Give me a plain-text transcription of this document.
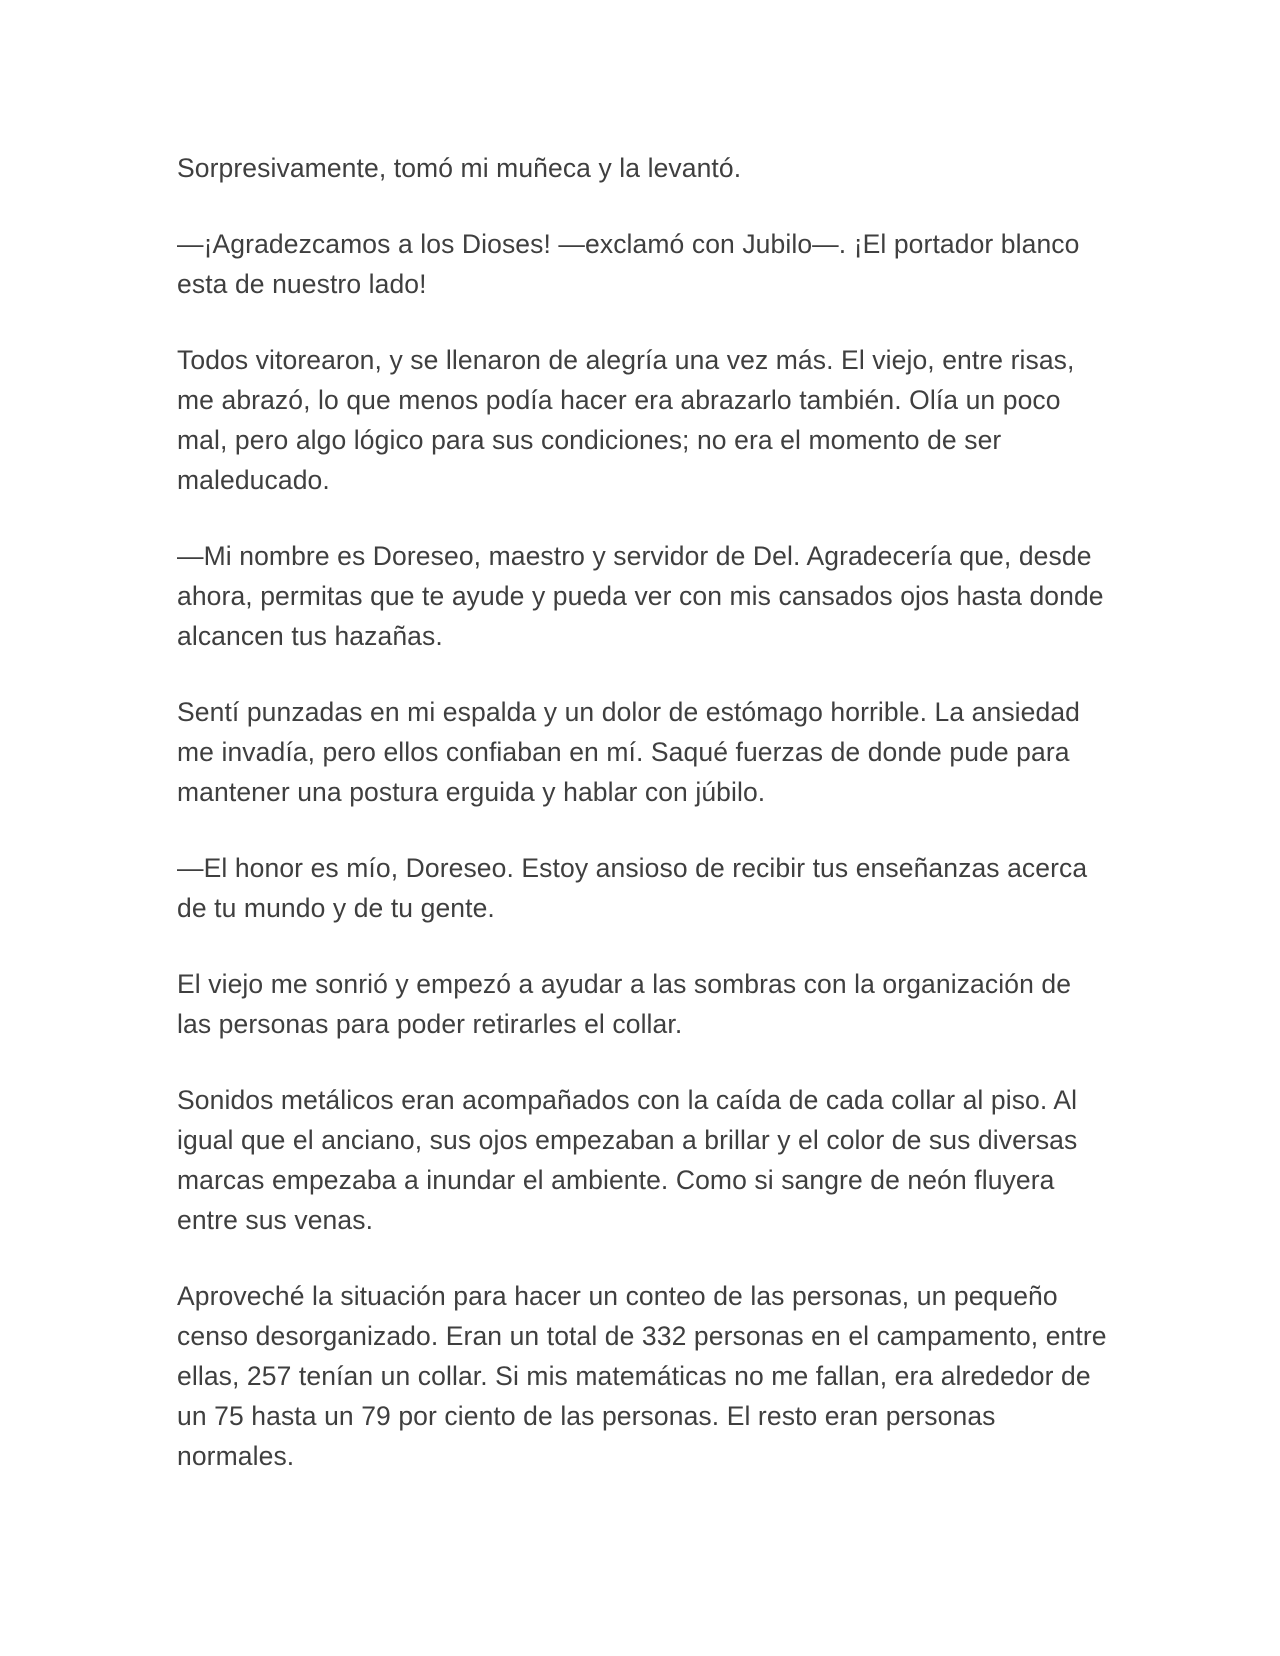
Sorpresivamente, tomó mi muñeca y la levantó.

—¡Agradezcamos a los Dioses! —exclamó con Jubilo—. ¡El portador blanco esta de nuestro lado!

Todos vitorearon, y se llenaron de alegría una vez más. El viejo, entre risas, me abrazó, lo que menos podía hacer era abrazarlo también. Olía un poco mal, pero algo lógico para sus condiciones; no era el momento de ser maleducado.

—Mi nombre es Doreseo, maestro y servidor de Del. Agradecería que, desde ahora, permitas que te ayude y pueda ver con mis cansados ojos hasta donde alcancen tus hazañas.

Sentí punzadas en mi espalda y un dolor de estómago horrible. La ansiedad me invadía, pero ellos confiaban en mí. Saqué fuerzas de donde pude para mantener una postura erguida y hablar con júbilo.

—El honor es mío, Doreseo. Estoy ansioso de recibir tus enseñanzas acerca de tu mundo y de tu gente.

El viejo me sonrió y empezó a ayudar a las sombras con la organización de las personas para poder retirarles el collar.

Sonidos metálicos eran acompañados con la caída de cada collar al piso. Al igual que el anciano, sus ojos empezaban a brillar y el color de sus diversas marcas empezaba a inundar el ambiente. Como si sangre de neón fluyera entre sus venas.

Aproveché la situación para hacer un conteo de las personas, un pequeño censo desorganizado. Eran un total de 332 personas en el campamento, entre ellas, 257 tenían un collar. Si mis matemáticas no me fallan, era alrededor de un 75 hasta un 79 por ciento de las personas. El resto eran personas normales.
